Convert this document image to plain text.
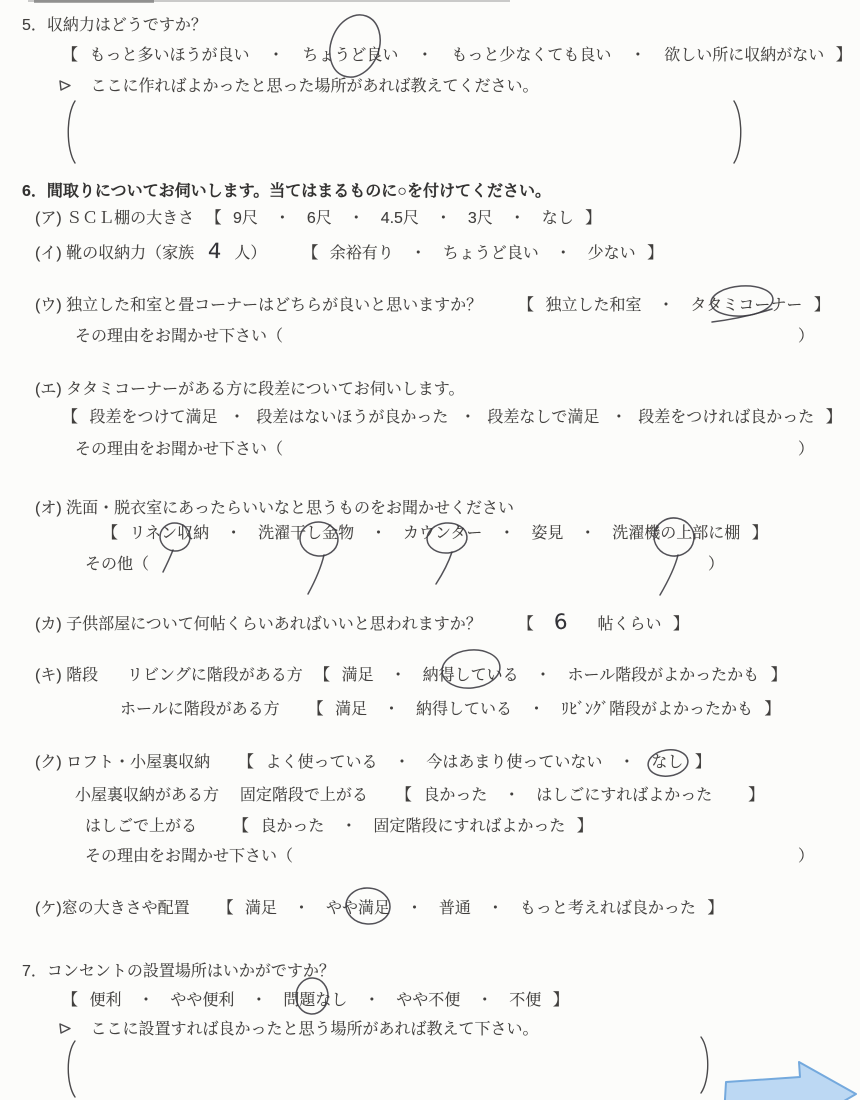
5．収納力はどうですか？
【 もっと多いほうが良い ・ ちょうど良い ・ もっと少なくても良い ・ 欲しい所に収納がない 】
ここに作ればよかったと思った場所があれば教えてください。
6．間取りについてお伺いします。当てはまるものに○を付けてください。
(ア) ＳＣＬ棚の大きさ 【 9尺 ・ 6尺 ・ 4.5尺 ・ 3尺 ・ なし 】
(イ) 靴の収納力（家族 4 人） 【 余裕有り ・ ちょうど良い ・ 少ない 】
(ウ) 独立した和室と畳コーナーはどちらが良いと思いますか？ 【 独立した和室 ・ タタミコーナー 】
その理由をお聞かせ下さい（	）
(エ) タタミコーナーがある方に段差についてお伺いします。
【 段差をつけて満足 ・ 段差はないほうが良かった ・ 段差なしで満足 ・ 段差をつければ良かった 】
その理由をお聞かせ下さい（	）
(オ) 洗面・脱衣室にあったらいいなと思うものをお聞かせください
【 リネン収納 ・ 洗濯干し金物 ・ カウンター ・ 姿見 ・ 洗濯機の上部に棚 】
その他（	）
(カ) 子供部屋について何帖くらいあればいいと思われますか？ 【 6 帖くらい 】
(キ) 階段 リビングに階段がある方 【 満足 ・ 納得している ・ ホール階段がよかったかも 】
ホールに階段がある方 【 満足 ・ 納得している ・ ﾘﾋﾞﾝｸﾞ階段がよかったかも 】
(ク) ロフト・小屋裏収納 【 よく使っている ・ 今はあまり使っていない ・ なし 】
小屋裏収納がある方 固定階段で上がる 【 良かった ・ はしごにすればよかった 】
はしごで上がる 【 良かった ・ 固定階段にすればよかった 】
その理由をお聞かせ下さい（	）
(ケ)窓の大きさや配置 【 満足 ・ やや満足 ・ 普通 ・ もっと考えれば良かった 】
7．コンセントの設置場所はいかがですか？
【 便利 ・ やや便利 ・ 問題なし ・ やや不便 ・ 不便 】
ここに設置すれば良かったと思う場所があれば教えて下さい。
